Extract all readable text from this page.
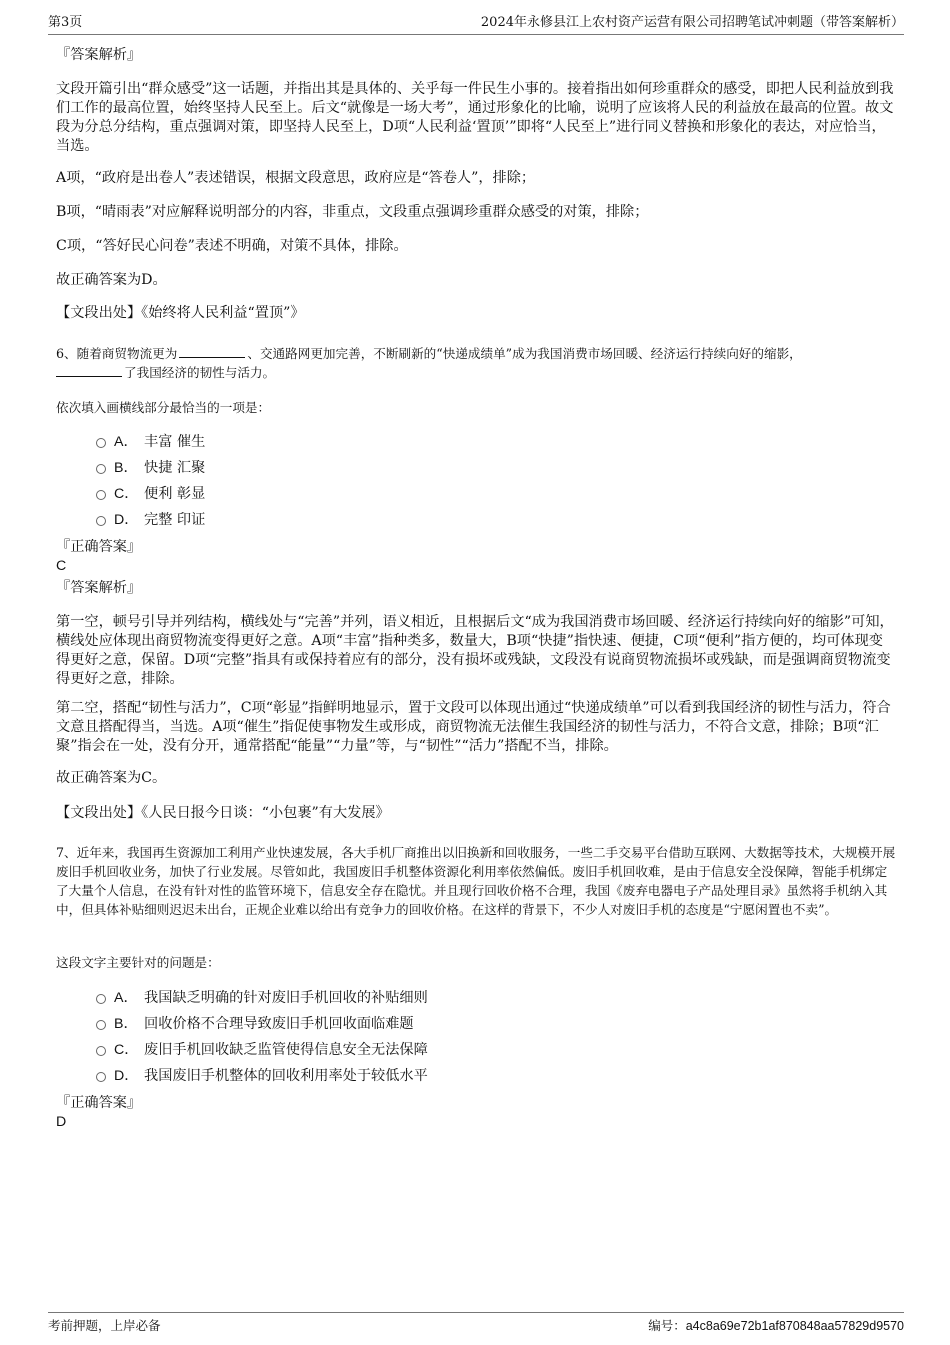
第3页	2024年永修县江上农村资产运营有限公司招聘笔试冲刺题（带答案解析）
『答案解析』
文段开篇引出“群众感受”这一话题，并指出其是具体的、关乎每一件民生小事的。接着指出如何珍重群众的感受，即把人民利益放到我们工作的最高位置，始终坚持人民至上。后文“就像是一场大考”，通过形象化的比喻，说明了应该将人民的利益放在最高的位置。故文段为分总分结构，重点强调对策，即坚持人民至上，D项“人民利益‘置顶’”即将“人民至上”进行同义替换和形象化的表达，对应恰当，当选。
A项，“政府是出卷人”表述错误，根据文段意思，政府应是“答卷人”，排除；
B项，“晴雨表”对应解释说明部分的内容，非重点，文段重点强调珍重群众感受的对策，排除；
C项，“答好民心问卷”表述不明确，对策不具体，排除。
故正确答案为D。
【文段出处】《始终将人民利益“置顶”》
6、随着商贸物流更为	、交通路网更加完善，不断刷新的“快递成绩单”成为我国消费市场回暖、经济运行持续向好的缩影，
了我国经济的韧性与活力。
依次填入画横线部分最恰当的一项是：
A． 丰富 催生
B． 快捷 汇聚
C． 便利 彰显
D． 完整 印证
『正确答案』
C
『答案解析』
第一空，顿号引导并列结构，横线处与“完善”并列，语义相近，且根据后文“成为我国消费市场回暖、经济运行持续向好的缩影”可知，横线处应体现出商贸物流变得更好之意。A项“丰富”指种类多，数量大，B项“快捷”指快速、便捷，C项“便利”指方便的，均可体现变得更好之意，保留。D项“完整”指具有或保持着应有的部分，没有损坏或残缺，文段没有说商贸物流损坏或残缺，而是强调商贸物流变得更好之意，排除。
第二空，搭配“韧性与活力”，C项“彰显”指鲜明地显示，置于文段可以体现出通过“快递成绩单”可以看到我国经济的韧性与活力，符合文意且搭配得当，当选。A项“催生”指促使事物发生或形成，商贸物流无法催生我国经济的韧性与活力，不符合文意，排除；B项“汇聚”指会在一处，没有分开，通常搭配“能量”“力量”等，与“韧性”“活力”搭配不当，排除。
故正确答案为C。
【文段出处】《人民日报今日谈：“小包裹”有大发展》
7、近年来，我国再生资源加工利用产业快速发展，各大手机厂商推出以旧换新和回收服务，一些二手交易平台借助互联网、大数据等技术，大规模开展废旧手机回收业务，加快了行业发展。尽管如此，我国废旧手机整体资源化利用率依然偏低。废旧手机回收难，是由于信息安全没保障，智能手机绑定了大量个人信息，在没有针对性的监管环境下，信息安全存在隐忧。并且现行回收价格不合理，我国《废弃电器电子产品处理目录》虽然将手机纳入其中，但具体补贴细则迟迟未出台，正规企业难以给出有竞争力的回收价格。在这样的背景下，不少人对废旧手机的态度是“宁愿闲置也不卖”。
这段文字主要针对的问题是：
A． 我国缺乏明确的针对废旧手机回收的补贴细则
B． 回收价格不合理导致废旧手机回收面临难题
C． 废旧手机回收缺乏监管使得信息安全无法保障
D． 我国废旧手机整体的回收利用率处于较低水平
『正确答案』
D
考前押题，上岸必备	编号：a4c8a69e72b1af870848aa57829d9570
